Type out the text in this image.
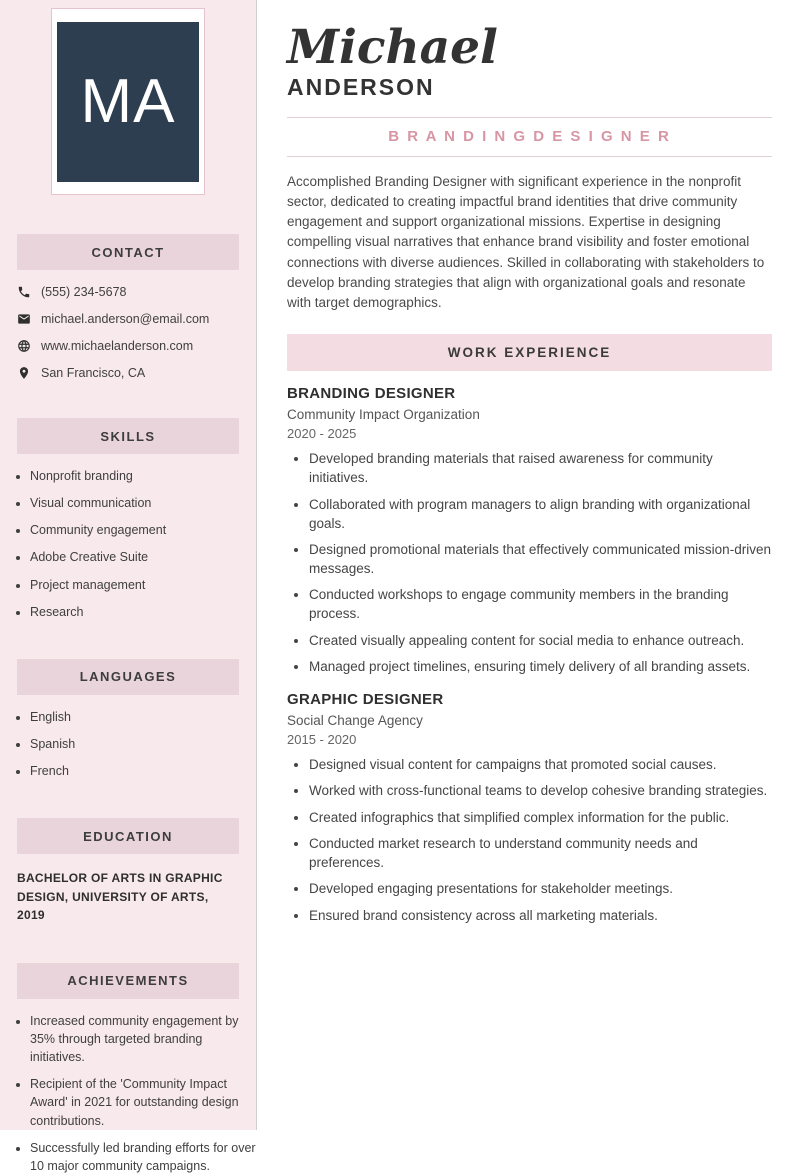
MA
CONTACT
(555) 234-5678
michael.anderson@email.com
www.michaelanderson.com
San Francisco, CA
SKILLS
• Nonprofit branding
• Visual communication
• Community engagement
• Adobe Creative Suite
• Project management
• Research
LANGUAGES
• English
• Spanish
• French
EDUCATION
BACHELOR OF ARTS IN GRAPHIC DESIGN, UNIVERSITY OF ARTS, 2019
ACHIEVEMENTS
• Increased community engagement by 35% through targeted branding initiatives.
• Recipient of the 'Community Impact Award' in 2021 for outstanding design contributions.
• Successfully led branding efforts for over 10 major community campaigns.
Michael
ANDERSON
B R A N D I N G D E S I G N E R

Accomplished Branding Designer with significant experience in the nonprofit sector, dedicated to creating impactful brand identities that drive community engagement and support organizational missions. Expertise in designing compelling visual narratives that enhance brand visibility and foster emotional connections with diverse audiences. Skilled in collaborating with stakeholders to develop branding strategies that align with organizational goals and resonate with target demographics.

WORK EXPERIENCE
BRANDING DESIGNER
Community Impact Organization
2020 - 2025
• Developed branding materials that raised awareness for community initiatives.
• Collaborated with program managers to align branding with organizational goals.
• Designed promotional materials that effectively communicated mission-driven messages.
• Conducted workshops to engage community members in the branding process.
• Created visually appealing content for social media to enhance outreach.
• Managed project timelines, ensuring timely delivery of all branding assets.
GRAPHIC DESIGNER
Social Change Agency
2015 - 2020
• Designed visual content for campaigns that promoted social causes.
• Worked with cross-functional teams to develop cohesive branding strategies.
• Created infographics that simplified complex information for the public.
• Conducted market research to understand community needs and preferences.
• Developed engaging presentations for stakeholder meetings.
• Ensured brand consistency across all marketing materials.
